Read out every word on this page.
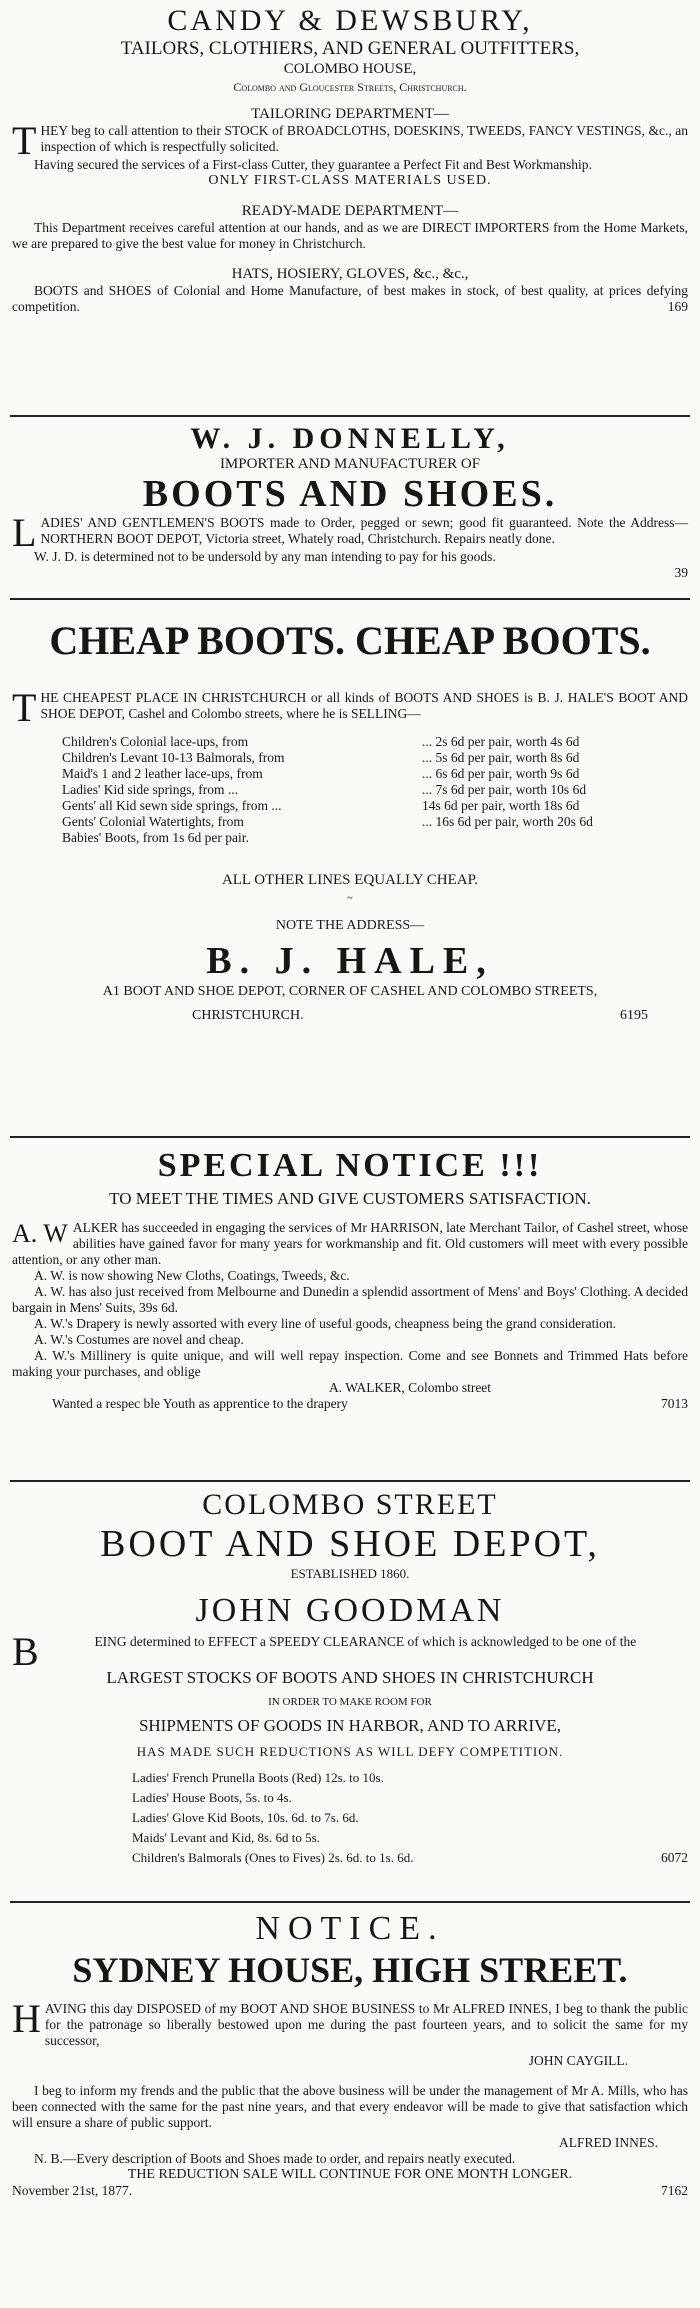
CANDY & DEWSBURY,
TAILORS, CLOTHIERS, AND GENERAL OUTFITTERS,
COLOMBO HOUSE,
Colombo and Gloucester Streets, Christchurch.
TAILORING DEPARTMENT—
T HEY beg to call attention to their STOCK of BROADCLOTHS, DOESKINS, TWEEDS, FANCY VESTINGS, &c., an inspection of which is respectfully solicited.

Having secured the services of a First-class Cutter, they guarantee a Perfect Fit and Best Workmanship.

ONLY FIRST-CLASS MATERIALS USED.
READY-MADE DEPARTMENT—

This Department receives careful attention at our hands, and as we are DIRECT IMPORTERS from the Home Markets, we are prepared to give the best value for money in Christchurch.

HATS, HOSIERY, GLOVES, &c., &c.,

BOOTS and SHOES of Colonial and Home Manufacture, of best makes in stock, of best quality, at prices defying competition.	169
W. J. DONNELLY,
IMPORTER AND MANUFACTURER OF
BOOTS AND SHOES.
L ADIES' AND GENTLEMEN'S BOOTS made to Order, pegged or sewn; good fit guaranteed. Note the Address—NORTHERN BOOT DEPOT, Victoria street, Whately road, Christchurch. Repairs neatly done.

W. J. D. is determined not to be undersold by any man intending to pay for his goods.

39
CHEAP BOOTS. CHEAP BOOTS.
T HE CHEAPEST PLACE IN CHRISTCHURCH or all kinds of BOOTS AND SHOES is B. J. HALE'S BOOT AND SHOE DEPOT, Cashel and Colombo streets, where he is SELLING—
Children's Colonial lace-ups, from	... 2s 6d per pair, worth 4s 6d
Children's Levant 10-13 Balmorals, from	... 5s 6d per pair, worth 8s 6d
Maid's 1 and 2 leather lace-ups, from	... 6s 6d per pair, worth 9s 6d
Ladies' Kid side springs, from ...	... 7s 6d per pair, worth 10s 6d
Gents' all Kid sewn side springs, from ...	14s 6d per pair, worth 18s 6d
Gents' Colonial Watertights, from	... 16s 6d per pair, worth 20s 6d
Babies' Boots, from 1s 6d per pair.
ALL OTHER LINES EQUALLY CHEAP.
~
NOTE THE ADDRESS—
B. J. HALE,
A1 BOOT AND SHOE DEPOT, CORNER OF CASHEL AND COLOMBO STREETS,
CHRISTCHURCH.	6195
SPECIAL NOTICE !!!
TO MEET THE TIMES AND GIVE CUSTOMERS SATISFACTION.
A. W ALKER has succeeded in engaging the services of Mr HARRISON, late Merchant Tailor, of Cashel street, whose abilities have gained favor for many years for workmanship and fit. Old customers will meet with every possible attention, or any other man.

A. W. is now showing New Cloths, Coatings, Tweeds, &c.

A. W. has also just received from Melbourne and Dunedin a splendid assortment of Mens' and Boys' Clothing. A decided bargain in Mens' Suits, 39s 6d.

A. W.'s Drapery is newly assorted with every line of useful goods, cheapness being the grand consideration.

A. W.'s Costumes are novel and cheap.

A. W.'s Millinery is quite unique, and will well repay inspection. Come and see Bonnets and Trimmed Hats before making your purchases, and oblige

A. WALKER, Colombo street
Wanted a respec ble Youth as apprentice to the drapery	7013
COLOMBO STREET
BOOT AND SHOE DEPOT,
ESTABLISHED 1860.
JOHN GOODMAN
B	EING determined to EFFECT a SPEEDY CLEARANCE of which is acknowledged to be one of the
LARGEST STOCKS OF BOOTS AND SHOES IN CHRISTCHURCH
IN ORDER TO MAKE ROOM FOR
SHIPMENTS OF GOODS IN HARBOR, AND TO ARRIVE,
HAS MADE SUCH REDUCTIONS AS WILL DEFY COMPETITION.
Ladies' French Prunella Boots (Red) 12s. to 10s.
Ladies' House Boots, 5s. to 4s.
Ladies' Glove Kid Boots, 10s. 6d. to 7s. 6d.
Maids' Levant and Kid, 8s. 6d to 5s.
Children's Balmorals (Ones to Fives) 2s. 6d. to 1s. 6d.	6072
NOTICE.
SYDNEY HOUSE, HIGH STREET.
H AVING this day DISPOSED of my BOOT AND SHOE BUSINESS to Mr ALFRED INNES, I beg to thank the public for the patronage so liberally bestowed upon me during the past fourteen years, and to solicit the same for my successor,
JOHN CAYGILL.

I beg to inform my frends and the public that the above business will be under the management of Mr A. Mills, who has been connected with the same for the past nine years, and that every endeavor will be made to give that satisfaction which will ensure a share of public support.

ALFRED INNES.

N. B.—Every description of Boots and Shoes made to order, and repairs neatly executed.

THE REDUCTION SALE WILL CONTINUE FOR ONE MONTH LONGER.
November 21st, 1877.	7162
